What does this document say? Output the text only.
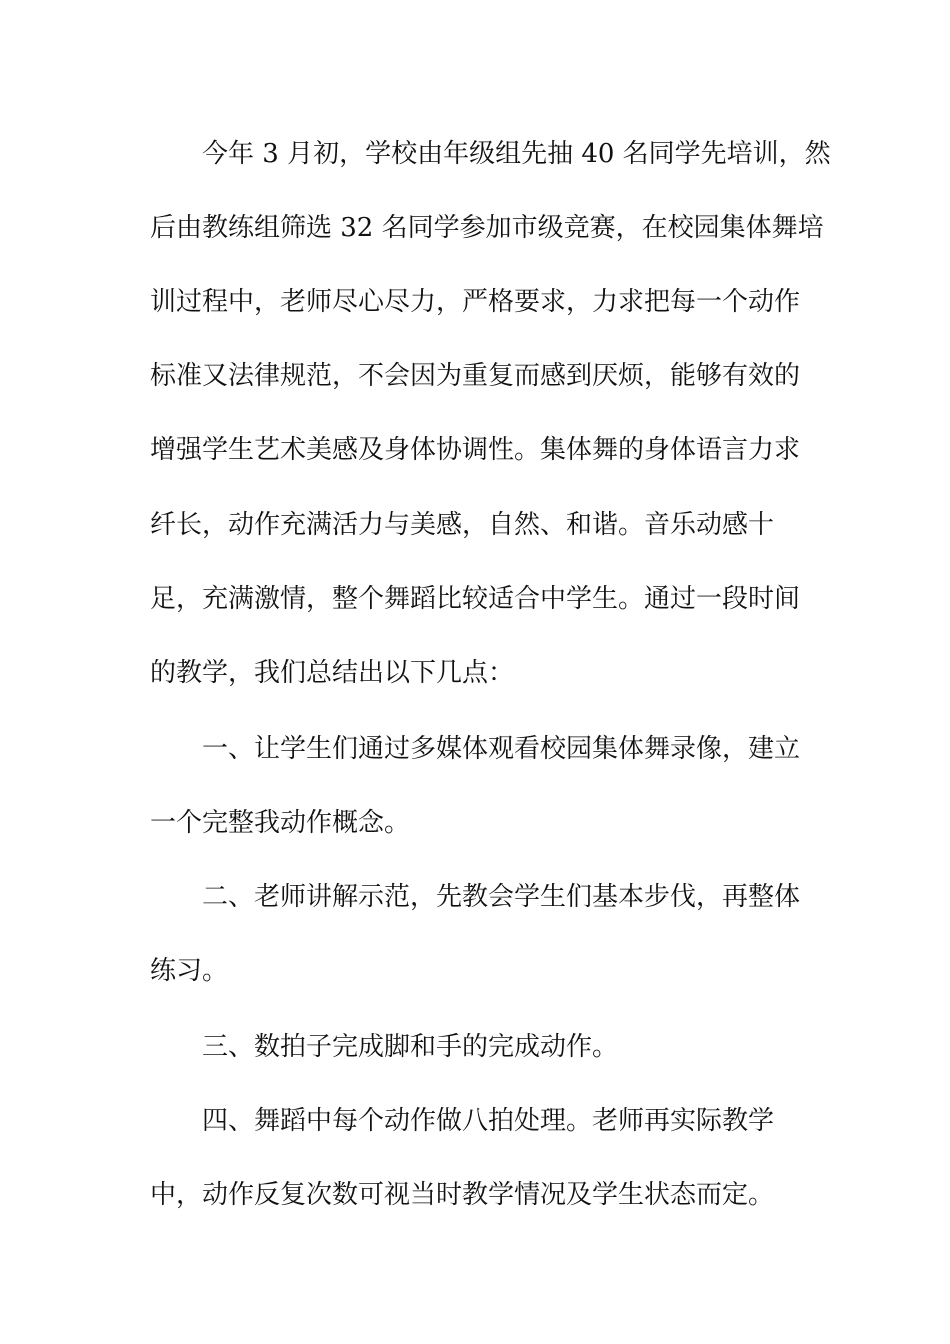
今年 3 月初，学校由年级组先抽 40 名同学先培训，然
后由教练组筛选 32 名同学参加市级竞赛，在校园集体舞培
训过程中，老师尽心尽力，严格要求，力求把每一个动作
标准又法律规范，不会因为重复而感到厌烦，能够有效的
增强学生艺术美感及身体协调性。集体舞的身体语言力求
纤长，动作充满活力与美感，自然、和谐。音乐动感十
足，充满激情，整个舞蹈比较适合中学生。通过一段时间
的教学，我们总结出以下几点：
一、让学生们通过多媒体观看校园集体舞录像，建立
一个完整我动作概念。
二、老师讲解示范，先教会学生们基本步伐，再整体
练习。
三、数拍子完成脚和手的完成动作。
四、舞蹈中每个动作做八拍处理。老师再实际教学
中，动作反复次数可视当时教学情况及学生状态而定。
